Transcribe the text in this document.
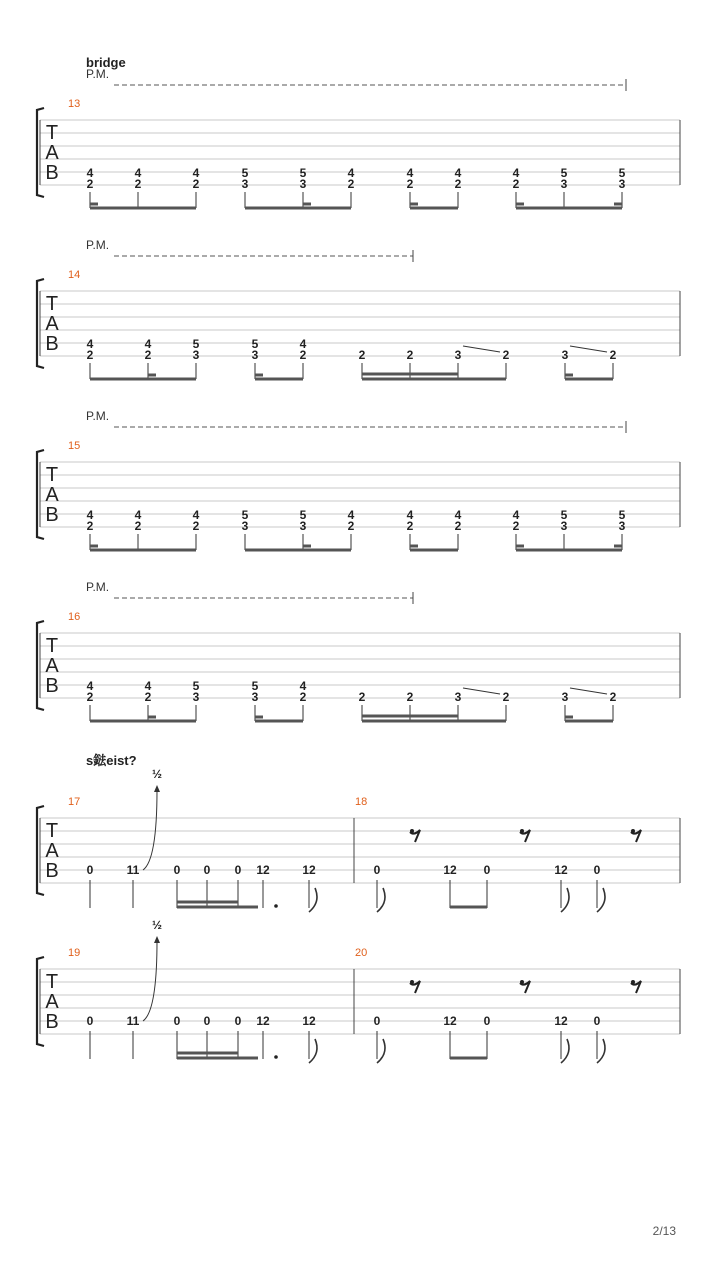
bridge
P.M.
T
A
B
13
4
2
4
2
4
2
5
3
5
3
4
2
4
2
4
2
4
2
5
3
5
3
P.M.
T
A
B
14
4
2
4
2
5
3
5
3
4
2	2	2	3	2	3	2
P.M.
T
A
B
15
4
2
4
2
4
2
5
3
5
3
4
2
4
2
4
2
4
2
5
3
5
3
P.M.
T
A
B
16
4
2
4
2
5
3
5
3
4
2	2	2	3	2	3	2
s鍅eist?
T
A
B
17	18
0	11	0 0 0 12	12
½
0	12 0	12 0
T
A
B
19	20
0	11	0 0 0 12	12
½
0	12 0	12 0
2/13
